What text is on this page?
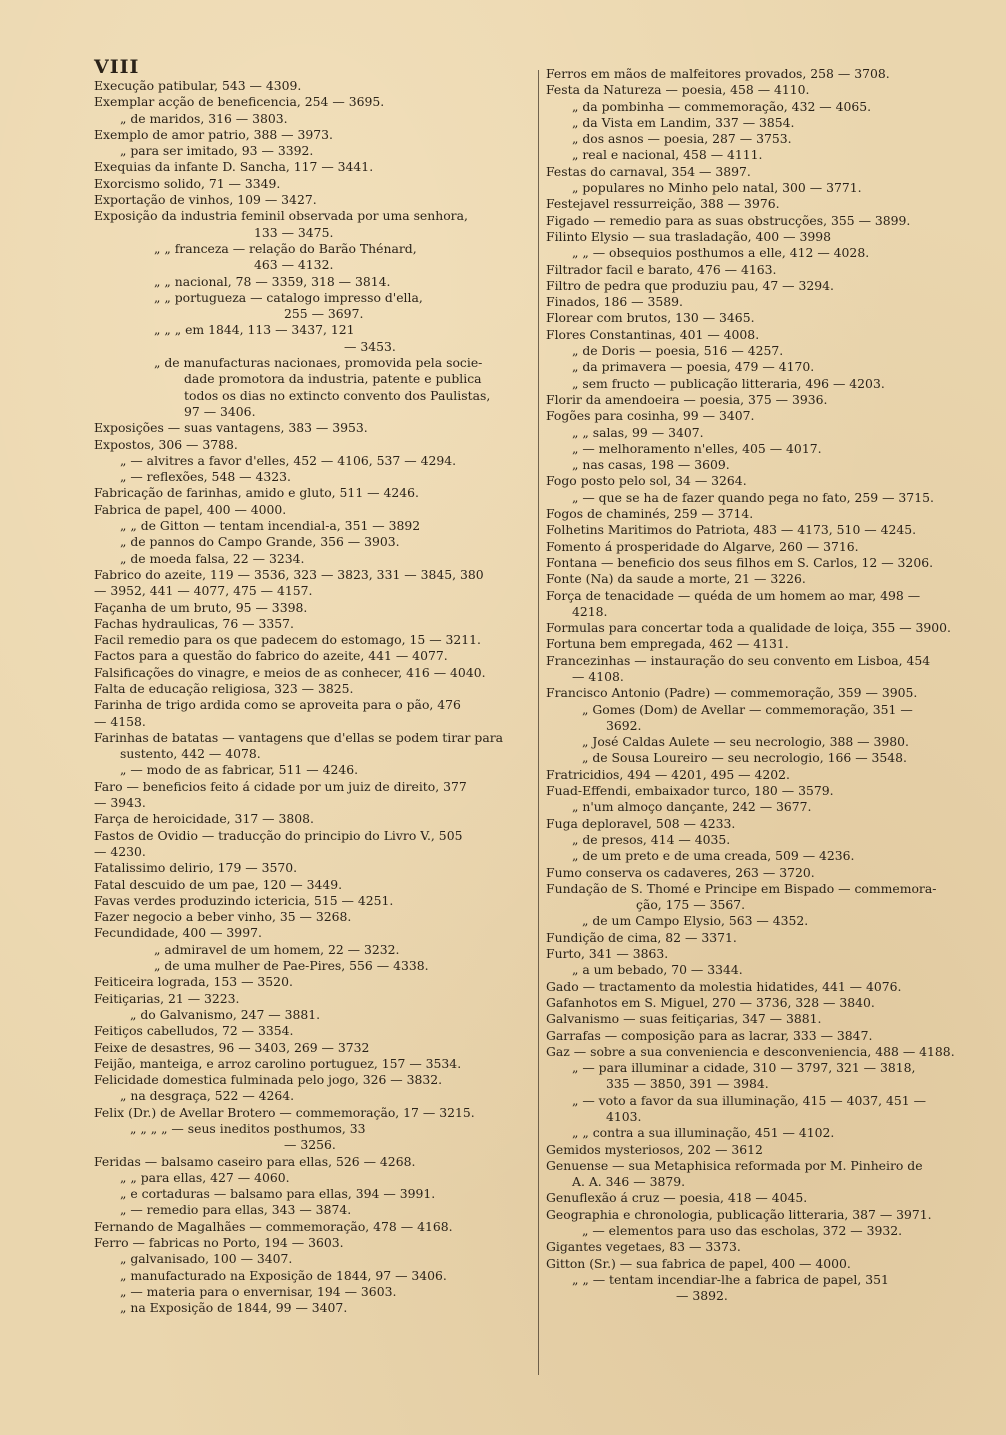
VIII
Execução patibular, 543 — 4309.
Exemplar acção de beneficencia, 254 — 3695.
„ de maridos, 316 — 3803.
Exemplo de amor patrio, 388 — 3973.
„ para ser imitado, 93 — 3392.
Exequias da infante D. Sancha, 117 — 3441.
Exorcismo solido, 71 — 3349.
Exportação de vinhos, 109 — 3427.
Exposição da industria feminil observada por uma senhora,
133 — 3475.
„ „ franceza — relação do Barão Thénard,
463 — 4132.
„ „ nacional, 78 — 3359, 318 — 3814.
„ „ portugueza — catalogo impresso d'ella,
255 — 3697.
„ „ „ em 1844, 113 — 3437, 121
— 3453.
„ de manufacturas nacionaes, promovida pela socie-
dade promotora da industria, patente e publica
todos os dias no extincto convento dos Paulistas,
97 — 3406.
Exposições — suas vantagens, 383 — 3953.
Expostos, 306 — 3788.
„ — alvitres a favor d'elles, 452 — 4106, 537 — 4294.
„ — reflexões, 548 — 4323.
Fabricação de farinhas, amido e gluto, 511 — 4246.
Fabrica de papel, 400 — 4000.
„ „ de Gitton — tentam incendial-a, 351 — 3892
„ de pannos do Campo Grande, 356 — 3903.
„ de moeda falsa, 22 — 3234.
Fabrico do azeite, 119 — 3536, 323 — 3823, 331 — 3845, 380
— 3952, 441 — 4077, 475 — 4157.
Façanha de um bruto, 95 — 3398.
Fachas hydraulicas, 76 — 3357.
Facil remedio para os que padecem do estomago, 15 — 3211.
Factos para a questão do fabrico do azeite, 441 — 4077.
Falsificações do vinagre, e meios de as conhecer, 416 — 4040.
Falta de educação religiosa, 323 — 3825.
Farinha de trigo ardida como se aproveita para o pão, 476
— 4158.
Farinhas de batatas — vantagens que d'ellas se podem tirar para
sustento, 442 — 4078.
„ — modo de as fabricar, 511 — 4246.
Faro — beneficios feito á cidade por um juiz de direito, 377
— 3943.
Farça de heroicidade, 317 — 3808.
Fastos de Ovidio — traducção do principio do Livro V., 505
— 4230.
Fatalissimo delirio, 179 — 3570.
Fatal descuido de um pae, 120 — 3449.
Favas verdes produzindo ictericia, 515 — 4251.
Fazer negocio a beber vinho, 35 — 3268.
Fecundidade, 400 — 3997.
„ admiravel de um homem, 22 — 3232.
„ de uma mulher de Pae-Pires, 556 — 4338.
Feiticeira lograda, 153 — 3520.
Feitiçarias, 21 — 3223.
„ do Galvanismo, 247 — 3881.
Feitiços cabelludos, 72 — 3354.
Feixe de desastres, 96 — 3403, 269 — 3732
Feijão, manteiga, e arroz carolino portuguez, 157 — 3534.
Felicidade domestica fulminada pelo jogo, 326 — 3832.
„ na desgraça, 522 — 4264.
Felix (Dr.) de Avellar Brotero — commemoração, 17 — 3215.
„ „ „ „ — seus ineditos posthumos, 33
— 3256.
Feridas — balsamo caseiro para ellas, 526 — 4268.
„ „ para ellas, 427 — 4060.
„ e cortaduras — balsamo para ellas, 394 — 3991.
„ — remedio para ellas, 343 — 3874.
Fernando de Magalhães — commemoração, 478 — 4168.
Ferro — fabricas no Porto, 194 — 3603.
„ galvanisado, 100 — 3407.
„ manufacturado na Exposição de 1844, 97 — 3406.
„ — materia para o envernisar, 194 — 3603.
„ na Exposição de 1844, 99 — 3407.
Ferros em mãos de malfeitores provados, 258 — 3708.
Festa da Natureza — poesia, 458 — 4110.
„ da pombinha — commemoração, 432 — 4065.
„ da Vista em Landim, 337 — 3854.
„ dos asnos — poesia, 287 — 3753.
„ real e nacional, 458 — 4111.
Festas do carnaval, 354 — 3897.
„ populares no Minho pelo natal, 300 — 3771.
Festejavel ressurreição, 388 — 3976.
Figado — remedio para as suas obstrucções, 355 — 3899.
Filinto Elysio — sua trasladação, 400 — 3998
„ „ — obsequios posthumos a elle, 412 — 4028.
Filtrador facil e barato, 476 — 4163.
Filtro de pedra que produziu pau, 47 — 3294.
Finados, 186 — 3589.
Florear com brutos, 130 — 3465.
Flores Constantinas, 401 — 4008.
„ de Doris — poesia, 516 — 4257.
„ da primavera — poesia, 479 — 4170.
„ sem fructo — publicação litteraria, 496 — 4203.
Florir da amendoeira — poesia, 375 — 3936.
Fogões para cosinha, 99 — 3407.
„ „ salas, 99 — 3407.
„ — melhoramento n'elles, 405 — 4017.
„ nas casas, 198 — 3609.
Fogo posto pelo sol, 34 — 3264.
„ — que se ha de fazer quando pega no fato, 259 — 3715.
Fogos de chaminés, 259 — 3714.
Folhetins Maritimos do Patriota, 483 — 4173, 510 — 4245.
Fomento á prosperidade do Algarve, 260 — 3716.
Fontana — beneficio dos seus filhos em S. Carlos, 12 — 3206.
Fonte (Na) da saude a morte, 21 — 3226.
Força de tenacidade — quéda de um homem ao mar, 498 —
4218.
Formulas para concertar toda a qualidade de loiça, 355 — 3900.
Fortuna bem empregada, 462 — 4131.
Francezinhas — instauração do seu convento em Lisboa, 454
— 4108.
Francisco Antonio (Padre) — commemoração, 359 — 3905.
„ Gomes (Dom) de Avellar — commemoração, 351 —
3692.
„ José Caldas Aulete — seu necrologio, 388 — 3980.
„ de Sousa Loureiro — seu necrologio, 166 — 3548.
Fratricidios, 494 — 4201, 495 — 4202.
Fuad-Effendi, embaixador turco, 180 — 3579.
„ n'um almoço dançante, 242 — 3677.
Fuga deploravel, 508 — 4233.
„ de presos, 414 — 4035.
„ de um preto e de uma creada, 509 — 4236.
Fumo conserva os cadaveres, 263 — 3720.
Fundação de S. Thomé e Principe em Bispado — commemora-
ção, 175 — 3567.
„ de um Campo Elysio, 563 — 4352.
Fundição de cima, 82 — 3371.
Furto, 341 — 3863.
„ a um bebado, 70 — 3344.
Gado — tractamento da molestia hidatides, 441 — 4076.
Gafanhotos em S. Miguel, 270 — 3736, 328 — 3840.
Galvanismo — suas feitiçarias, 347 — 3881.
Garrafas — composição para as lacrar, 333 — 3847.
Gaz — sobre a sua conveniencia e desconveniencia, 488 — 4188.
„ — para illuminar a cidade, 310 — 3797, 321 — 3818,
335 — 3850, 391 — 3984.
„ — voto a favor da sua illuminação, 415 — 4037, 451 —
4103.
„ „ contra a sua illuminação, 451 — 4102.
Gemidos mysteriosos, 202 — 3612
Genuense — sua Metaphisica reformada por M. Pinheiro de
A. A. 346 — 3879.
Genuflexão á cruz — poesia, 418 — 4045.
Geographia e chronologia, publicação litteraria, 387 — 3971.
„ — elementos para uso das escholas, 372 — 3932.
Gigantes vegetaes, 83 — 3373.
Gitton (Sr.) — sua fabrica de papel, 400 — 4000.
„ „ — tentam incendiar-lhe a fabrica de papel, 351
— 3892.
